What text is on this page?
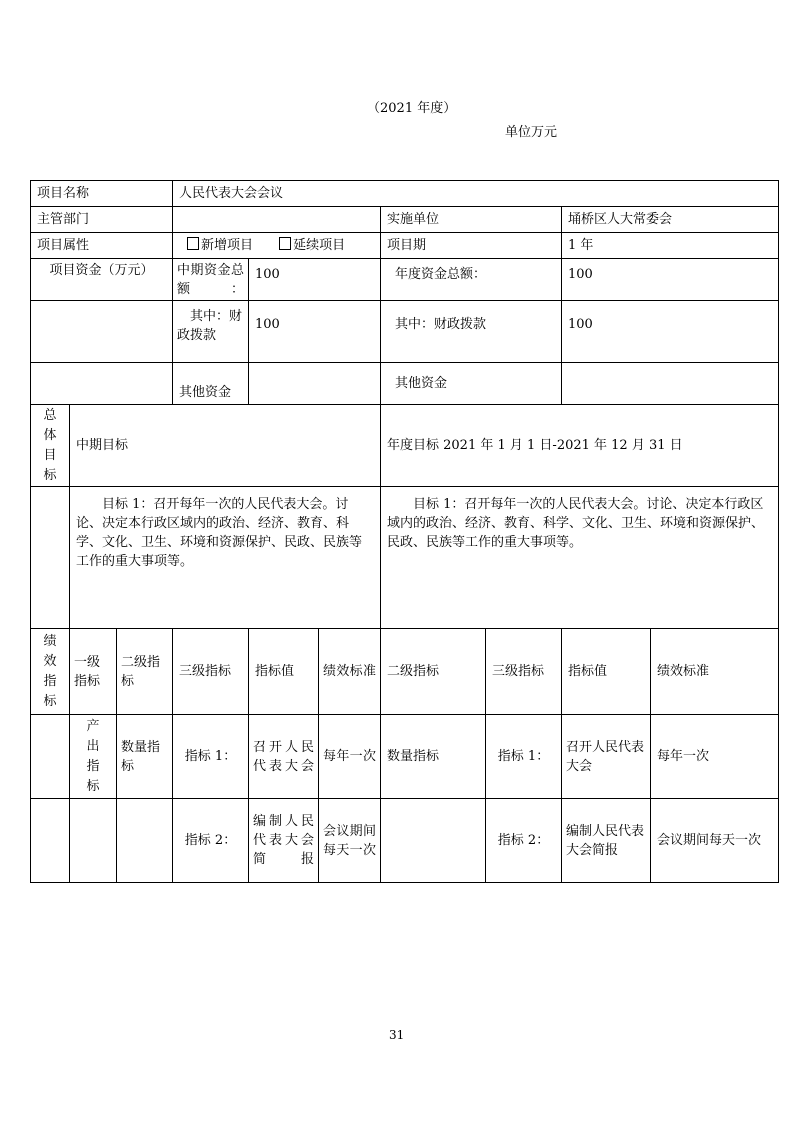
（2021 年度）
单位万元
项目名称			人民代表大会会议						
主管部门						实施单位		埇桥区人大常委会	
项目属性			新增项目 延续项目			项目期		1 年	
项目资金（万元）			中期资金总额：	100		年度资金总额：		100	
			其中：财政拨款	100		其中：财政拨款		100	
			其他资金			其他资金			
总体目标	中期目标					年度目标 2021 年 1 月 1 日-2021 年 12 月 31 日			
	目标 1：召开每年一次的人民代表大会。讨论、决定本行政区域内的政治、经济、教育、科学、文化、卫生、环境和资源保护、民政、民族等工作的重大事项等。					目标 1：召开每年一次的人民代表大会。讨论、决定本行政区域内的政治、经济、教育、科学、文化、卫生、环境和资源保护、民政、民族等工作的重大事项等。			
绩效指标	一级指标	二级指标	三级指标	指标值	绩效标准	二级指标	三级指标	指标值	绩效标准
	产出指标	数量指标	指标 1：	召开人民代表大会	每年一次	数量指标	指标 1：	召开人民代表大会	每年一次
			指标 2：	编制人民代表大会简报	会议期间每天一次		指标 2：	编制人民代表大会简报	会议期间每天一次
31
